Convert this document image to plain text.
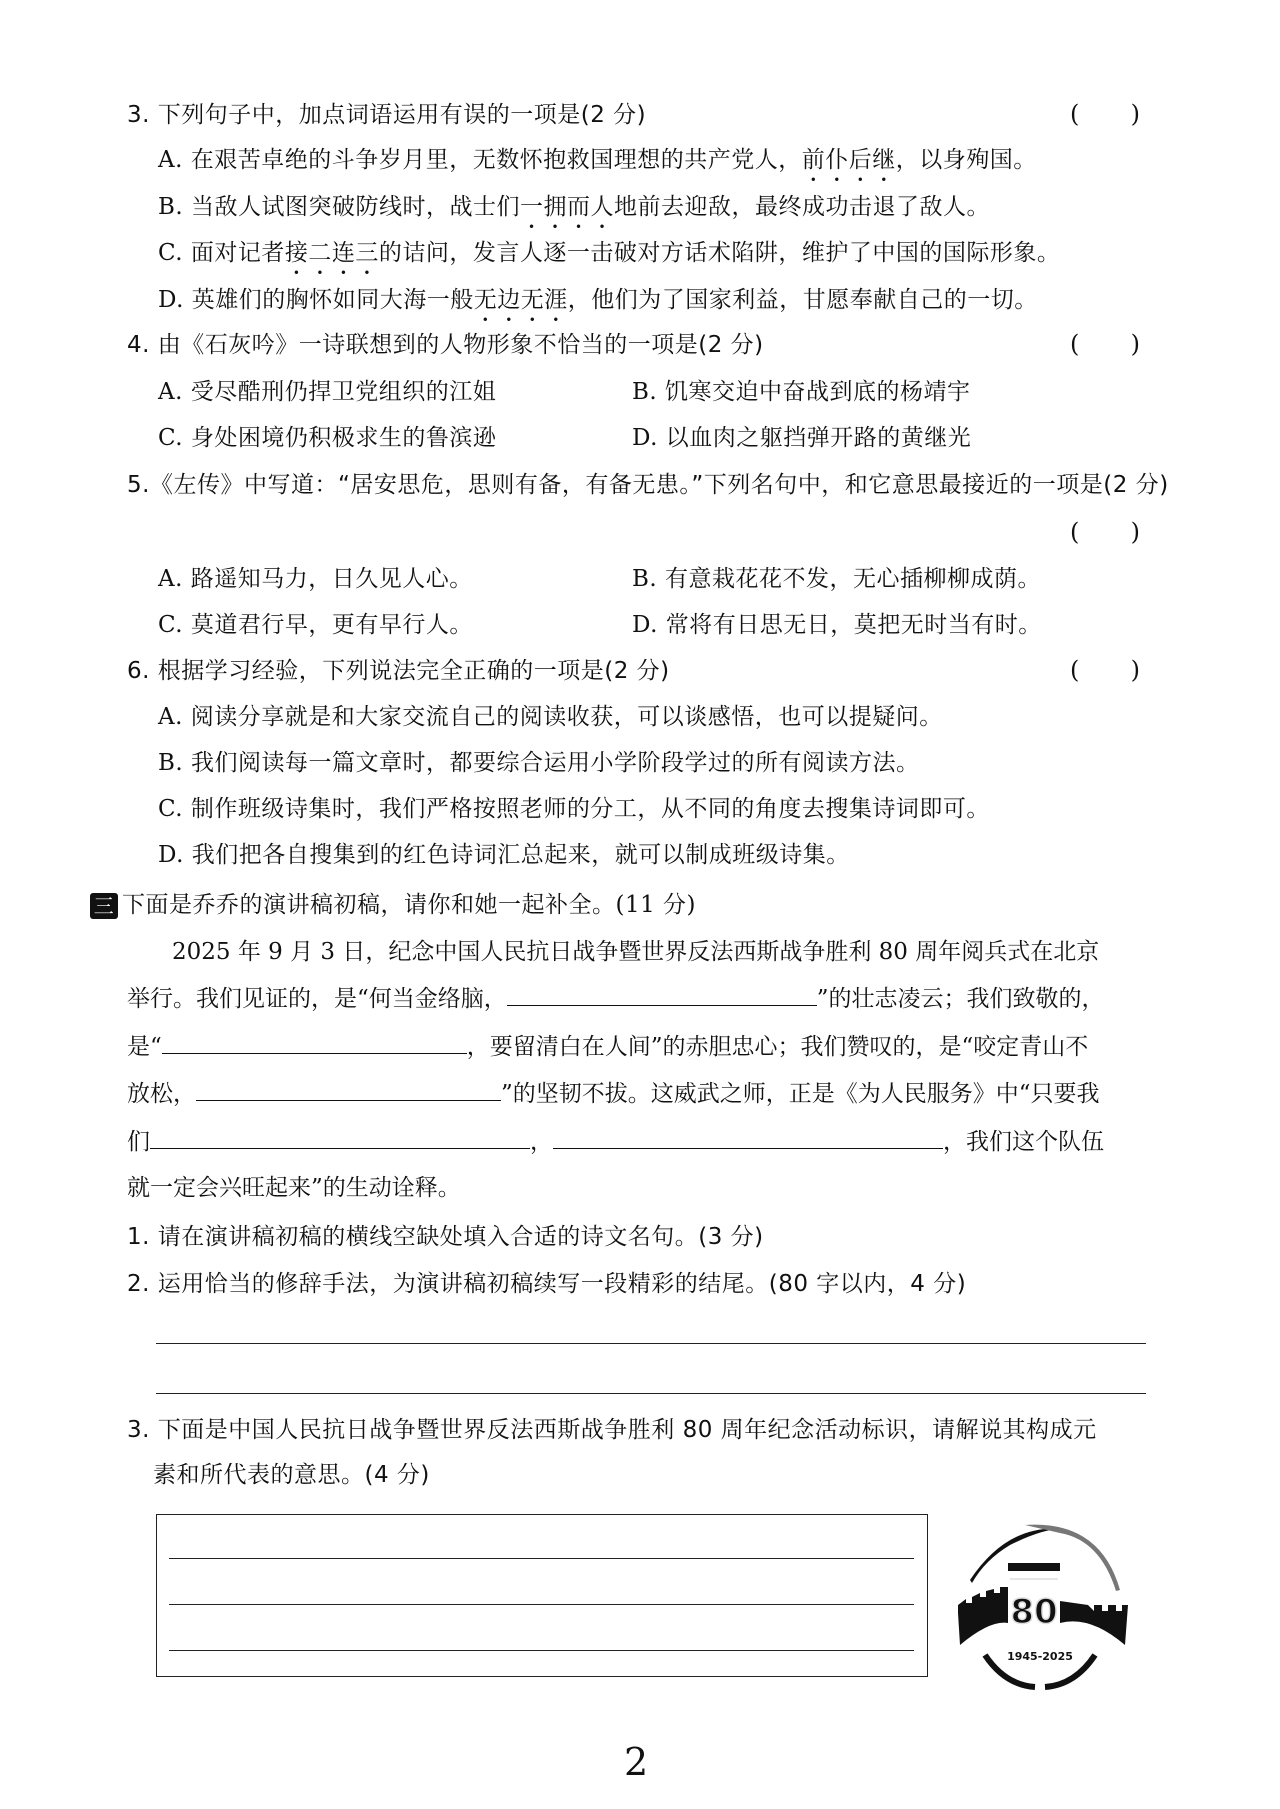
3. 下列句子中，加点词语运用有误的一项是(2 分)	( )
A. 在艰苦卓绝的斗争岁月里，无数怀抱救国理想的共产党人，前仆后继，以身殉国。
B. 当敌人试图突破防线时，战士们一拥而人地前去迎敌，最终成功击退了敌人。
C. 面对记者接二连三的诘问，发言人逐一击破对方话术陷阱，维护了中国的国际形象。
D. 英雄们的胸怀如同大海一般无边无涯，他们为了国家利益，甘愿奉献自己的一切。
4. 由《石灰吟》一诗联想到的人物形象不恰当的一项是(2 分)	( )
A. 受尽酷刑仍捍卫党组织的江姐	B. 饥寒交迫中奋战到底的杨靖宇
C. 身处困境仍积极求生的鲁滨逊	D. 以血肉之躯挡弹开路的黄继光
5.《左传》中写道：“居安思危，思则有备，有备无患。”下列名句中，和它意思最接近的一项是(2 分)
( )
A. 路遥知马力，日久见人心。	B. 有意栽花花不发，无心插柳柳成荫。
C. 莫道君行早，更有早行人。	D. 常将有日思无日，莫把无时当有时。
6. 根据学习经验，下列说法完全正确的一项是(2 分)	( )
A. 阅读分享就是和大家交流自己的阅读收获，可以谈感悟，也可以提疑问。
B. 我们阅读每一篇文章时，都要综合运用小学阶段学过的所有阅读方法。
C. 制作班级诗集时，我们严格按照老师的分工，从不同的角度去搜集诗词即可。
D. 我们把各自搜集到的红色诗词汇总起来，就可以制成班级诗集。
三 下面是乔乔的演讲稿初稿，请你和她一起补全。(11 分)
2025 年 9 月 3 日，纪念中国人民抗日战争暨世界反法西斯战争胜利 80 周年阅兵式在北京
举行。我们见证的，是“何当金络脑，	”的壮志凌云；我们致敬的，
是“	，要留清白在人间”的赤胆忠心；我们赞叹的，是“咬定青山不
放松，	”的坚韧不拔。这威武之师，正是《为人民服务》中“只要我
们	，	，我们这个队伍
就一定会兴旺起来”的生动诠释。
1. 请在演讲稿初稿的横线空缺处填入合适的诗文名句。(3 分)
2. 运用恰当的修辞手法，为演讲稿初稿续写一段精彩的结尾。(80 字以内，4 分)
3. 下面是中国人民抗日战争暨世界反法西斯战争胜利 80 周年纪念活动标识，请解说其构成元
素和所代表的意思。(4 分)
80
1945-2025
2
